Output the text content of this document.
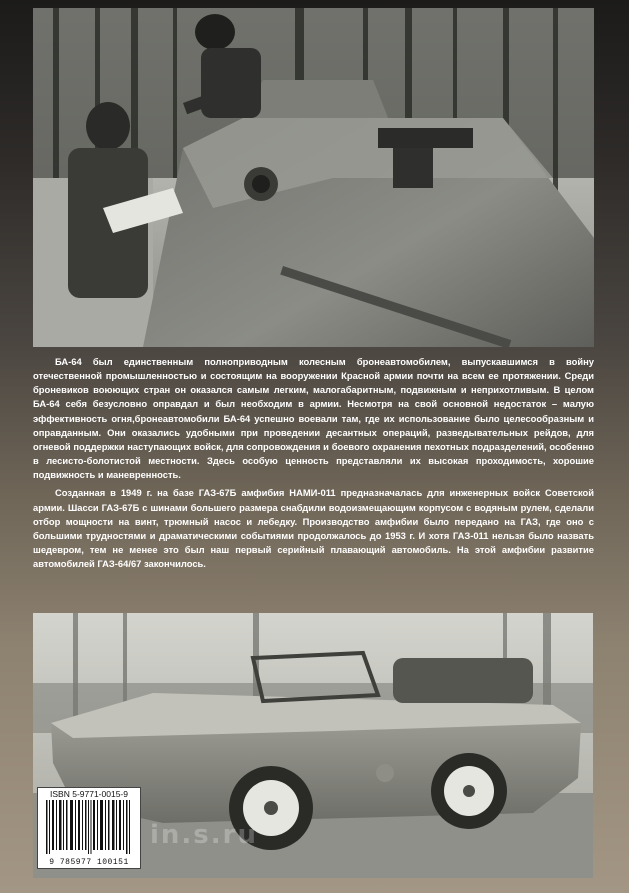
БА-64 был единственным полноприводным колесным бронеавтомобилем, выпускавшимся в войну отечественной промышленностью и состоящим на вооружении Красной армии почти на всем ее протяжении. Среди броневиков воюющих стран он оказался самым легким, малогабаритным, подвижным и неприхотливым. В целом БА-64 себя безусловно оправдал и был необходим в армии. Несмотря на свой основной недостаток – малую эффективность огня,бронеавтомобили БА-64 успешно воевали там, где их использование было целесообразным и оправданным. Они оказались удобными при проведении десантных операций, разведывательных рейдов, для огневой поддержки наступающих войск, для сопровождения и боевого охранения пехотных подразделений, особенно в лесисто-болотистой местности. Здесь особую ценность представляли их высокая проходимость, хорошие подвижность и маневренность.

Созданная в 1949 г. на базе ГАЗ-67Б амфибия НАМИ-011 предназначалась для инженерных войск Советской армии. Шасси ГАЗ-67Б с шинами большего размера снабдили водоизмещающим корпусом с водяным рулем, сделали отбор мощности на винт, трюмный насос и лебедку. Производство амфибии было передано на ГАЗ, где оно с большими трудностями и драматическими событиями продолжалось до 1953 г. И хотя ГАЗ-011 нельзя было назвать шедевром, тем не менее это был наш первый серийный плавающий автомобиль. На этой амфибии развитие автомобилей ГАЗ-64/67 закончилось.

ISBN 5-9771-0015-9
9 785977 100151
in.s.ru
